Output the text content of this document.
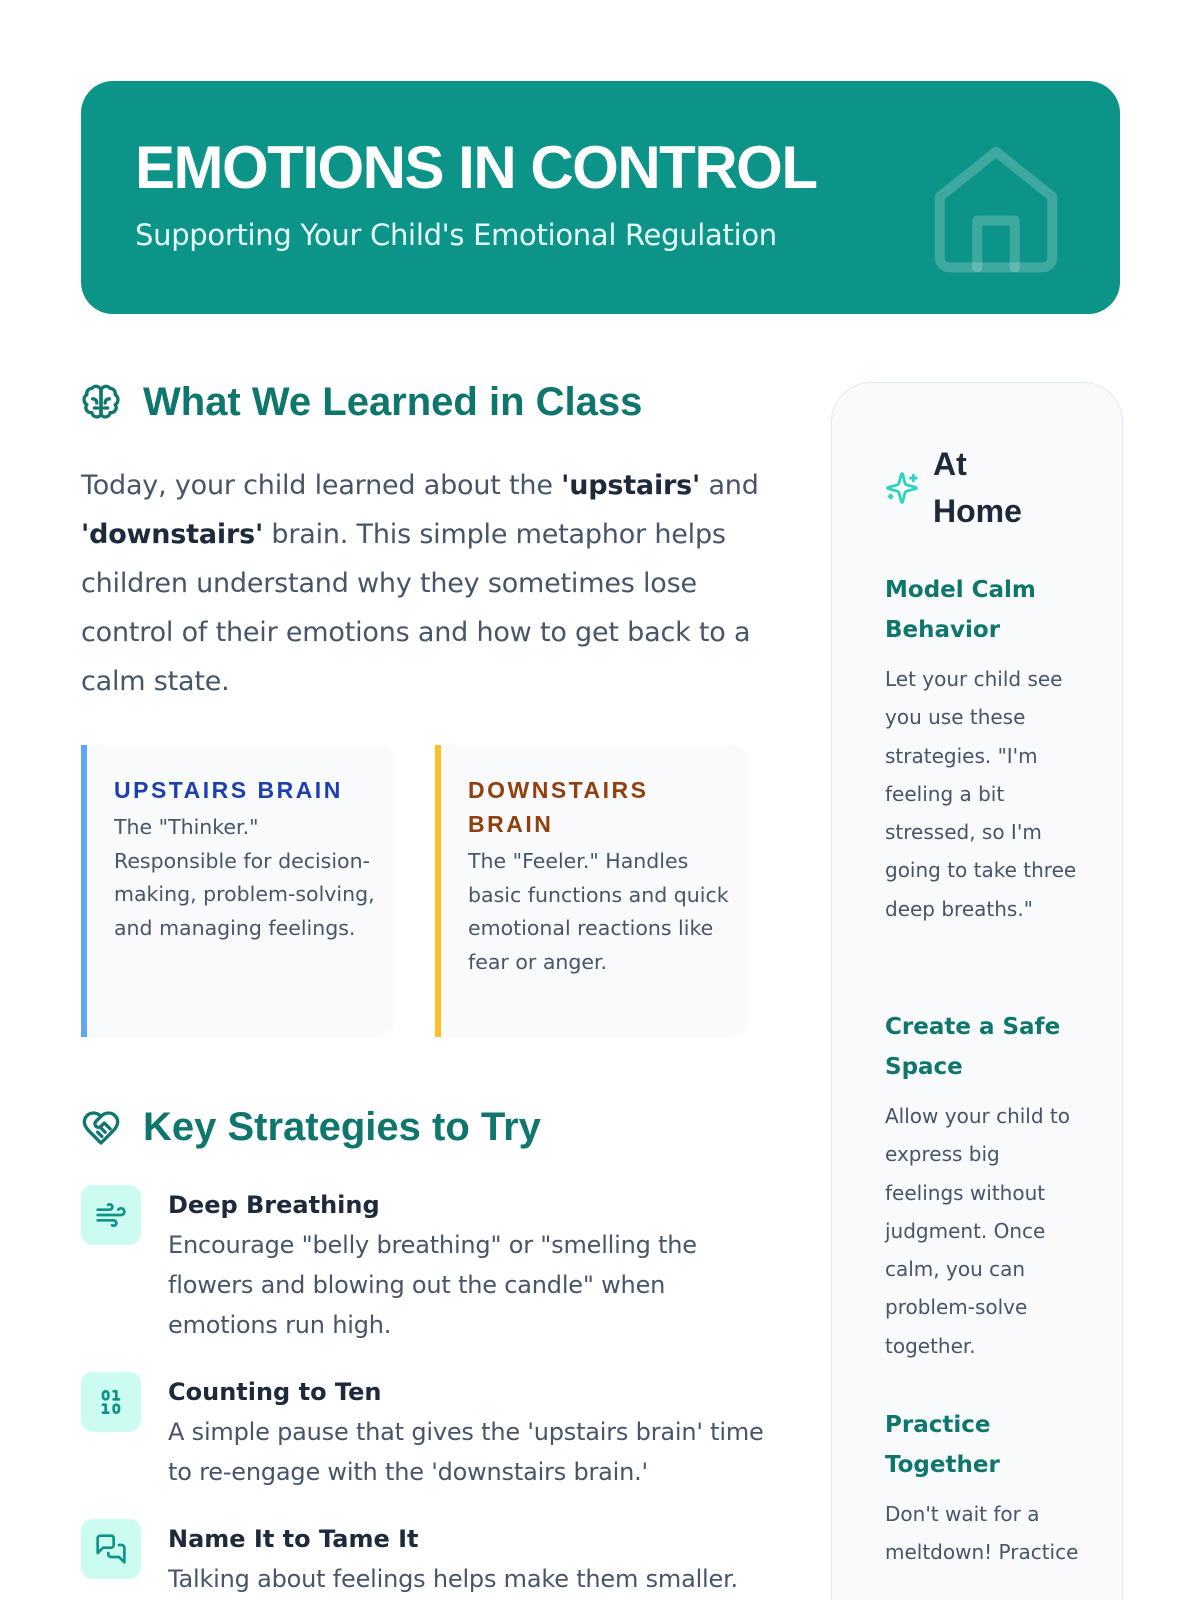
EMOTIONS IN CONTROL
Supporting Your Child's Emotional Regulation
What We Learned in Class

Today, your child learned about the 'upstairs' and 'downstairs' brain. This simple metaphor helps children understand why they sometimes lose control of their emotions and how to get back to a calm state.

UPSTAIRS BRAIN
The "Thinker." Responsible for decision-making, problem-solving, and managing feelings.
DOWNSTAIRS BRAIN
The "Feeler." Handles basic functions and quick emotional reactions like fear or anger.
Key Strategies to Try
Deep Breathing
Encourage "belly breathing" or "smelling the flowers and blowing out the candle" when emotions run high.
Counting to Ten
A simple pause that gives the 'upstairs brain' time to re-engage with the 'downstairs brain.'
Name It to Tame It
Talking about feelings helps make them smaller.
At Home
Model Calm Behavior
Let your child see you use these strategies. "I'm feeling a bit stressed, so I'm going to take three deep breaths."
Create a Safe Space
Allow your child to express big feelings without judgment. Once calm, you can problem-solve together.
Practice Together
Don't wait for a meltdown! Practice
